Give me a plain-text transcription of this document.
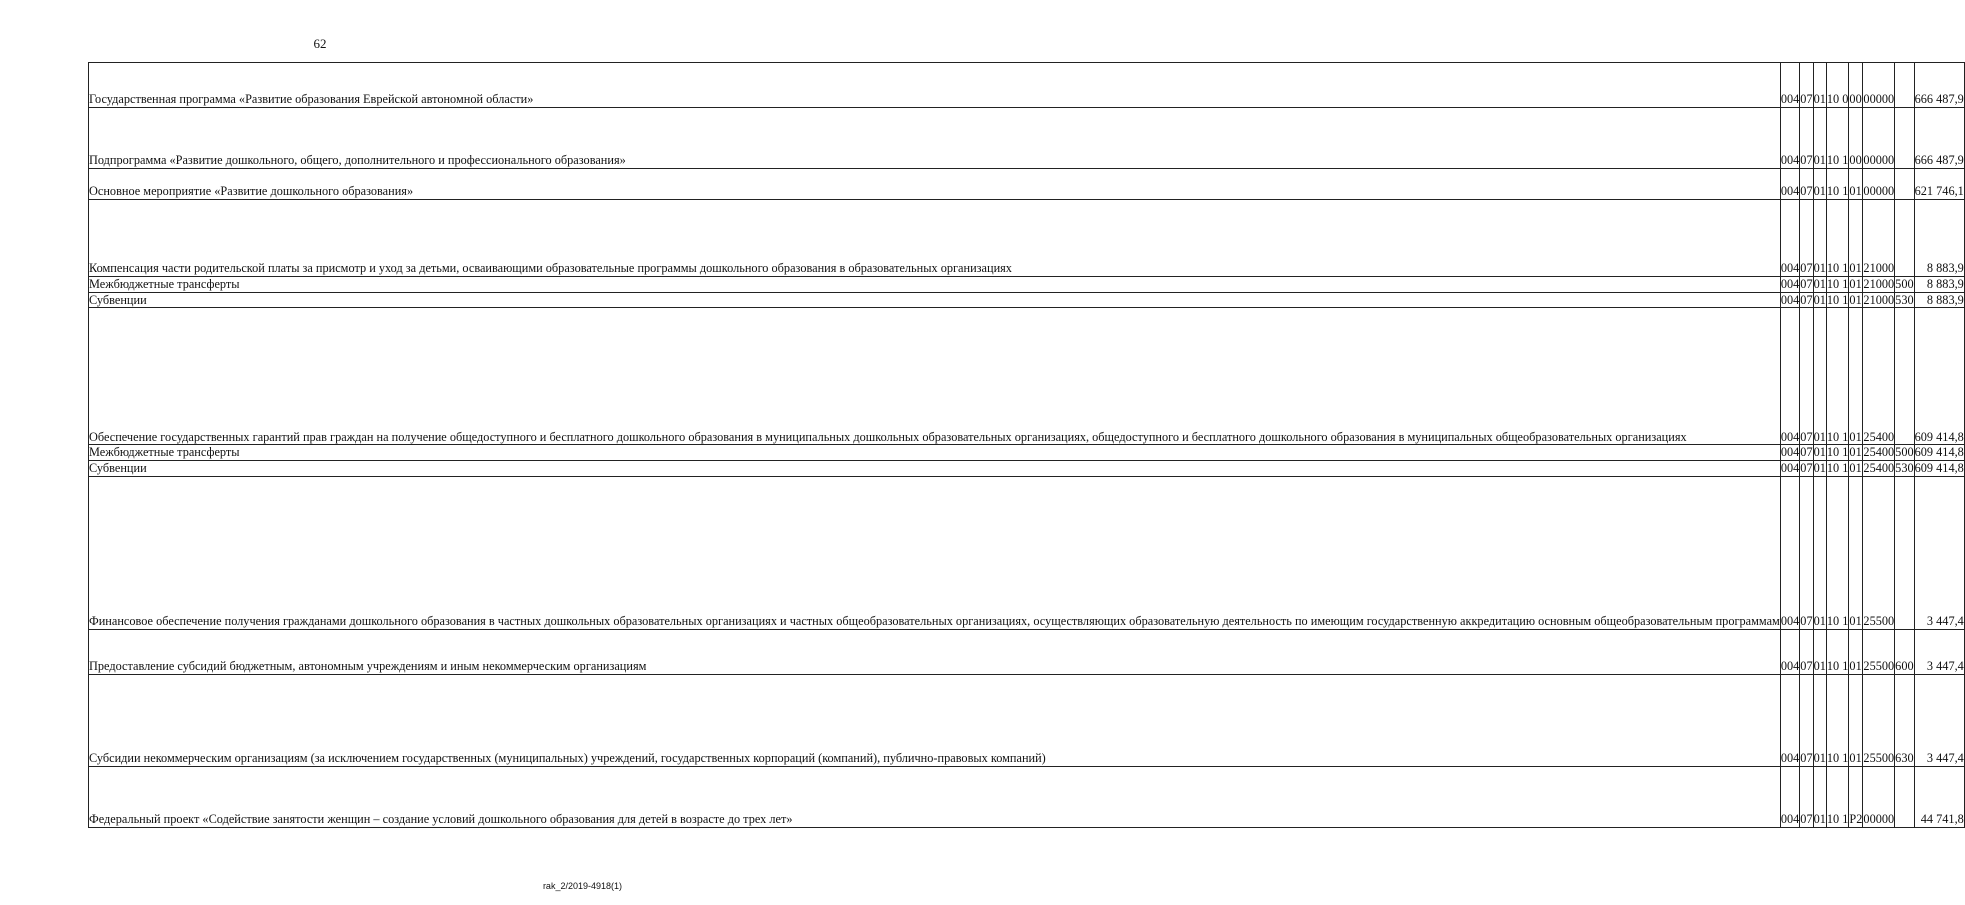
62
Государственная программа «Развитие образования Еврейской автономной области»	004	07	01	10 0	00	00000		666 487,9
Подпрограмма «Развитие дошкольного, общего, дополнительного и профессионального образования»	004	07	01	10 1	00	00000		666 487,9
Основное мероприятие «Развитие дошкольного образования»	004	07	01	10 1	01	00000		621 746,1
Компенсация части родительской платы за присмотр и уход за детьми, осваивающими образовательные программы дошкольного образования в образовательных организациях	004	07	01	10 1	01	21000		8 883,9
Межбюджетные трансферты	004	07	01	10 1	01	21000	500	8 883,9
Субвенции	004	07	01	10 1	01	21000	530	8 883,9
Обеспечение государственных гарантий прав граждан на получение общедоступного и бесплатного дошкольного образования в муниципальных дошкольных образовательных организациях, общедоступного и бесплатного дошкольного образования в муниципальных общеобразовательных организациях	004	07	01	10 1	01	25400		609 414,8
Межбюджетные трансферты	004	07	01	10 1	01	25400	500	609 414,8
Субвенции	004	07	01	10 1	01	25400	530	609 414,8
Финансовое обеспечение получения гражданами дошкольного образования в частных дошкольных образовательных организациях и частных общеобразовательных организациях, осуществляющих образовательную деятельность по имеющим государственную аккредитацию основным общеобразовательным программам	004	07	01	10 1	01	25500		3 447,4
Предоставление субсидий бюджетным, автономным учреждениям и иным некоммерческим организациям	004	07	01	10 1	01	25500	600	3 447,4
Субсидии некоммерческим организациям (за исключением государственных (муниципальных) учреждений, государственных корпораций (компаний), публично-правовых компаний)	004	07	01	10 1	01	25500	630	3 447,4
Федеральный проект «Содействие занятости женщин – создание условий дошкольного образования для детей в возрасте до трех лет»	004	07	01	10 1	P2	00000		44 741,8
rak_2/2019-4918(1)
